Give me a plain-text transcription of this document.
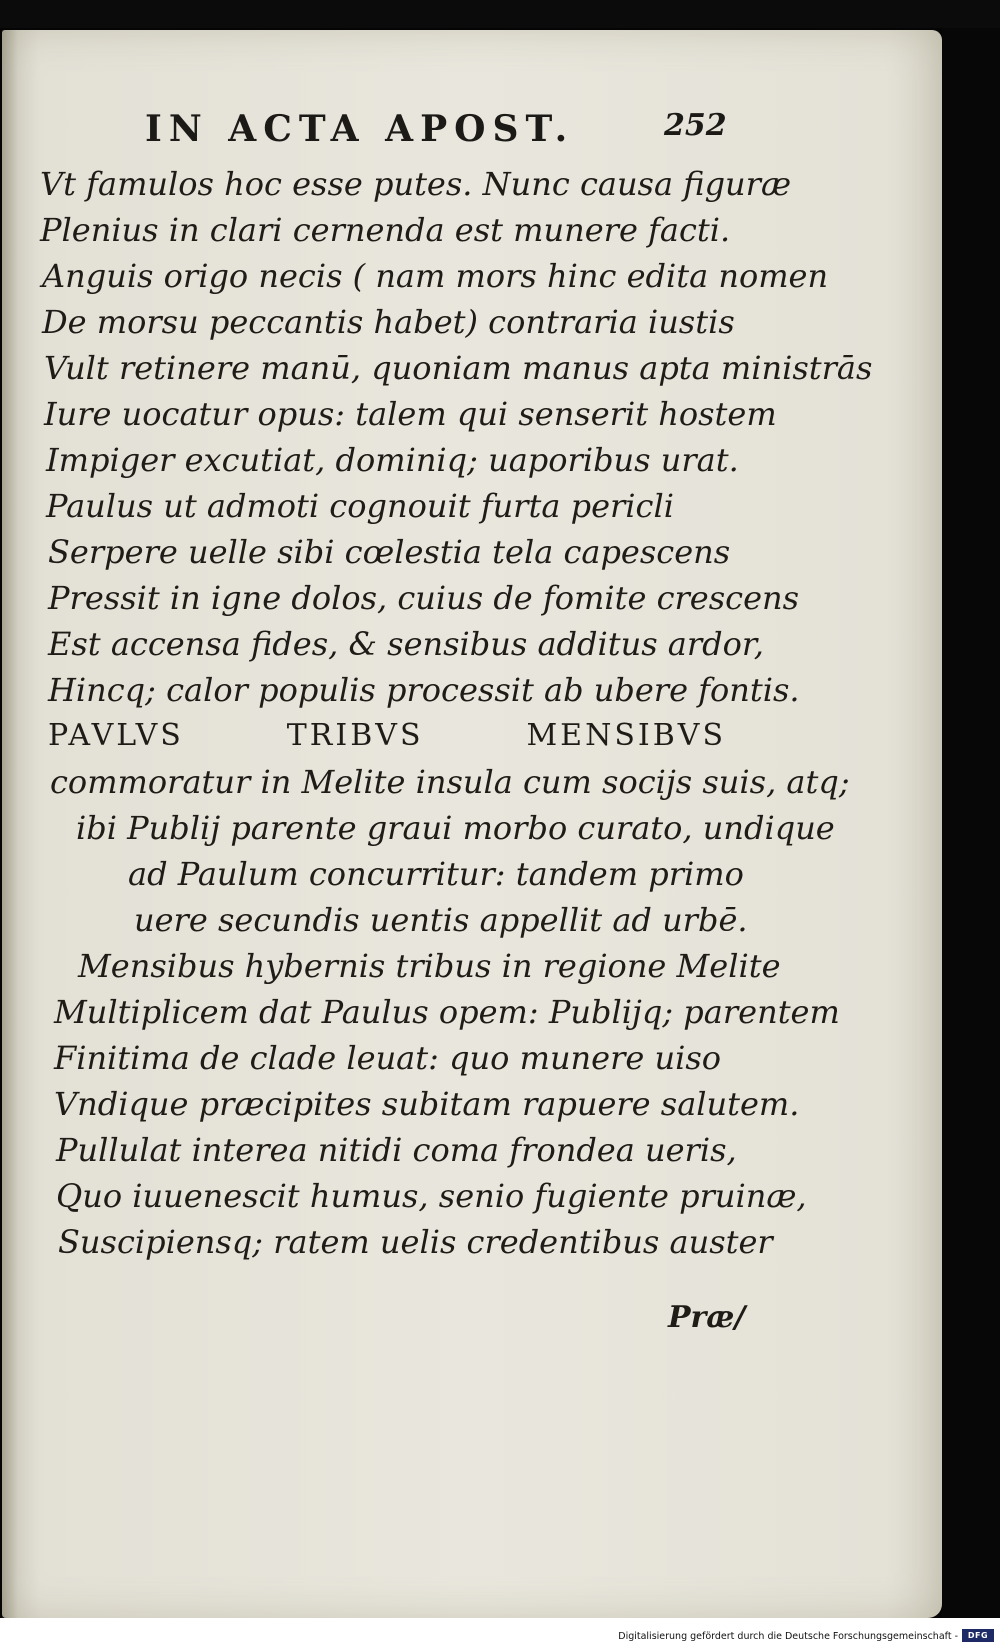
IN ACTA APOST.	252
Vt famulos hoc esse putes. Nunc causa figuræ
Plenius in clari cernenda est munere facti.
Anguis origo necis ( nam mors hinc edita nomen
De morsu peccantis habet) contraria iustis
Vult retinere manū, quoniam manus apta ministrās
Iure uocatur opus: talem qui senserit hostem
Impiger excutiat, dominiq; uaporibus urat.
Paulus ut admoti cognouit furta pericli
Serpere uelle sibi cœlestia tela capescens
Pressit in igne dolos, cuius de fomite crescens
Est accensa fides, & sensibus additus ardor,
Hincq; calor populis processit ab ubere fontis.
PAVLVS TRIBVS MENSIBVS
commoratur in Melite insula cum socijs suis, atq;
ibi Publij parente graui morbo curato, undique
ad Paulum concurritur: tandem primo
uere secundis uentis appellit ad urbē.
Mensibus hybernis tribus in regione Melite
Multiplicem dat Paulus opem: Publijq; parentem
Finitima de clade leuat: quo munere uiso
Vndique præcipites subitam rapuere salutem.
Pullulat interea nitidi coma frondea ueris,
Quo iuuenescit humus, senio fugiente pruinæ,
Suscipiensq; ratem uelis credentibus auster
Præ/
Digitalisierung gefördert durch die Deutsche Forschungsgemeinschaft -	DFG
